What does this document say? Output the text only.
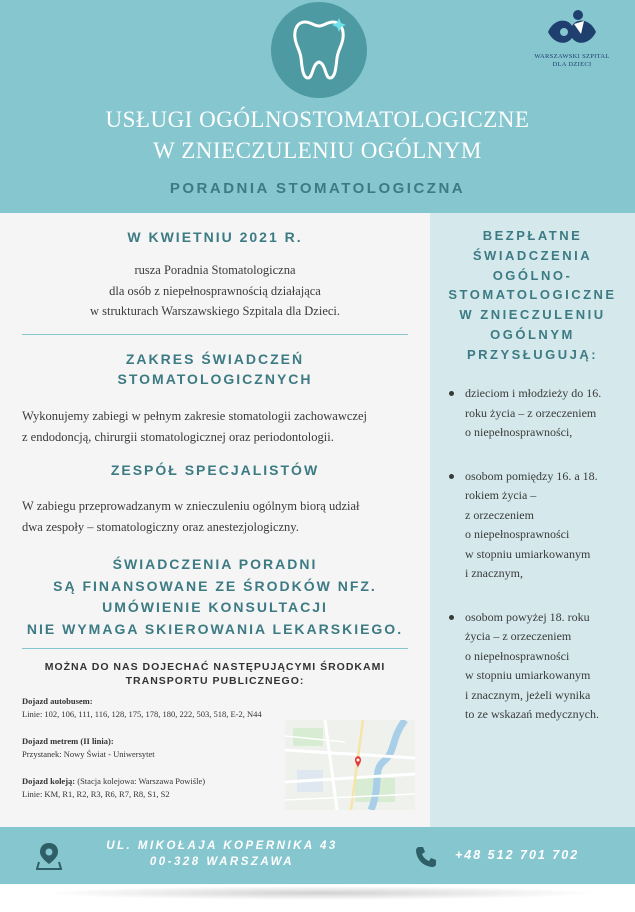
WARSZAWSKI SZPITAL
DLA DZIECI
USŁUGI OGÓLNOSTOMATOLOGICZNE
W ZNIECZULENIU OGÓLNYM
PORADNIA STOMATOLOGICZNA
W KWIETNIU 2021 R.
rusza Poradnia Stomatologiczna
dla osób z niepełnosprawnością działająca
w strukturach Warszawskiego Szpitala dla Dzieci.
ZAKRES ŚWIADCZEŃ
STOMATOLOGICZNYCH
Wykonujemy zabiegi w pełnym zakresie stomatologii zachowawczej
z endodoncją, chirurgii stomatologicznej oraz periodontologii.
ZESPÓŁ SPECJALISTÓW
W zabiegu przeprowadzanym w znieczuleniu ogólnym biorą udział
dwa zespoły – stomatologiczny oraz anestezjologiczny.
ŚWIADCZENIA PORADNI
SĄ FINANSOWANE ZE ŚRODKÓW NFZ.
UMÓWIENIE KONSULTACJI
NIE WYMAGA SKIEROWANIA LEKARSKIEGO.
MOŻNA DO NAS DOJECHAĆ NASTĘPUJĄCYMI ŚRODKAMI
TRANSPORTU PUBLICZNEGO:
Dojazd autobusem:
Linie: 102, 106, 111, 116, 128, 175, 178, 180, 222, 503, 518, E-2, N44
Dojazd metrem (II linia):
Przystanek: Nowy Świat - Uniwersytet
Dojazd koleją: (Stacja kolejowa: Warszawa Powiśle)
Linie: KM, R1, R2, R3, R6, R7, R8, S1, S2
BEZPŁATNE
ŚWIADCZENIA
OGÓLNO-
STOMATOLOGICZNE
W ZNIECZULENIU
OGÓLNYM
PRZYSŁUGUJĄ:
dzieciom i młodzieży do 16.
roku życia – z orzeczeniem
o niepełnosprawności,
osobom pomiędzy 16. a 18.
rokiem życia –
z orzeczeniem
o niepełnosprawności
w stopniu umiarkowanym
i znacznym,
osobom powyżej 18. roku
życia – z orzeczeniem
o niepełnosprawności
w stopniu umiarkowanym
i znacznym, jeżeli wynika
to ze wskazań medycznych.
UL. MIKOŁAJA KOPERNIKA 43
00-328 WARSZAWA	+48 512 701 702
